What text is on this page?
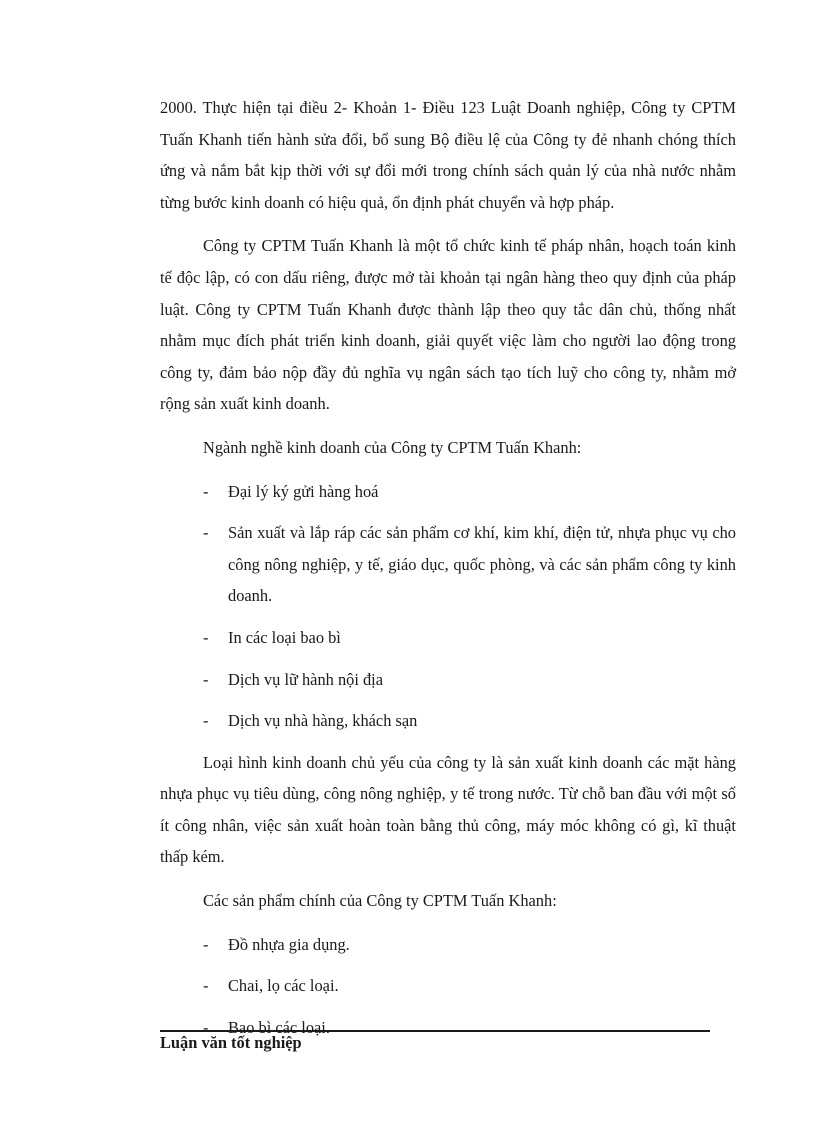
2000. Thực hiện tại điều 2- Khoản 1- Điều 123 Luật Doanh nghiệp, Công ty CPTM Tuấn Khanh tiến hành sửa đổi, bổ sung Bộ điều lệ của Công ty đẻ nhanh chóng thích ứng và nắm bắt kịp thời với sự đổi mới trong chính sách quản lý của nhà nước nhằm từng bước kinh doanh có hiệu quả, ổn định phát chuyển và hợp pháp.

Công ty CPTM Tuấn Khanh là một tổ chức kinh tế pháp nhân, hoạch toán kinh tế độc lập, có con dấu riêng, được mở tài khoản tại ngân hàng theo quy định của pháp luật. Công ty CPTM Tuấn Khanh được thành lập theo quy tắc dân chủ, thống nhất nhằm mục đích phát triển kinh doanh, giải quyết việc làm cho người lao động trong công ty, đảm bảo nộp đầy đủ nghĩa vụ ngân sách tạo tích luỹ cho công ty, nhằm mở rộng sản xuất kinh doanh.

Ngành nghề kinh doanh của Công ty CPTM Tuấn Khanh:

- Đại lý ký gửi hàng hoá
- Sản xuất và lắp ráp các sản phẩm cơ khí, kim khí, điện tử, nhựa phục vụ cho công nông nghiệp, y tế, giáo dục, quốc phòng, và các sản phẩm công ty kinh doanh.
- In các loại bao bì
- Dịch vụ lữ hành nội địa
- Dịch vụ nhà hàng, khách sạn

Loại hình kinh doanh chủ yếu của công ty là sản xuất kinh doanh các mặt hàng nhựa phục vụ tiêu dùng, công nông nghiệp, y tế trong nước. Từ chỗ ban đầu với một số ít công nhân, việc sản xuất hoàn toàn bằng thủ công, máy móc không có gì, kĩ thuật thấp kém.

Các sản phẩm chính của Công ty CPTM Tuấn Khanh:

- Đồ nhựa gia dụng.
- Chai, lọ các loại.
- Bao bì các loại.
Luận văn tốt nghiệp
